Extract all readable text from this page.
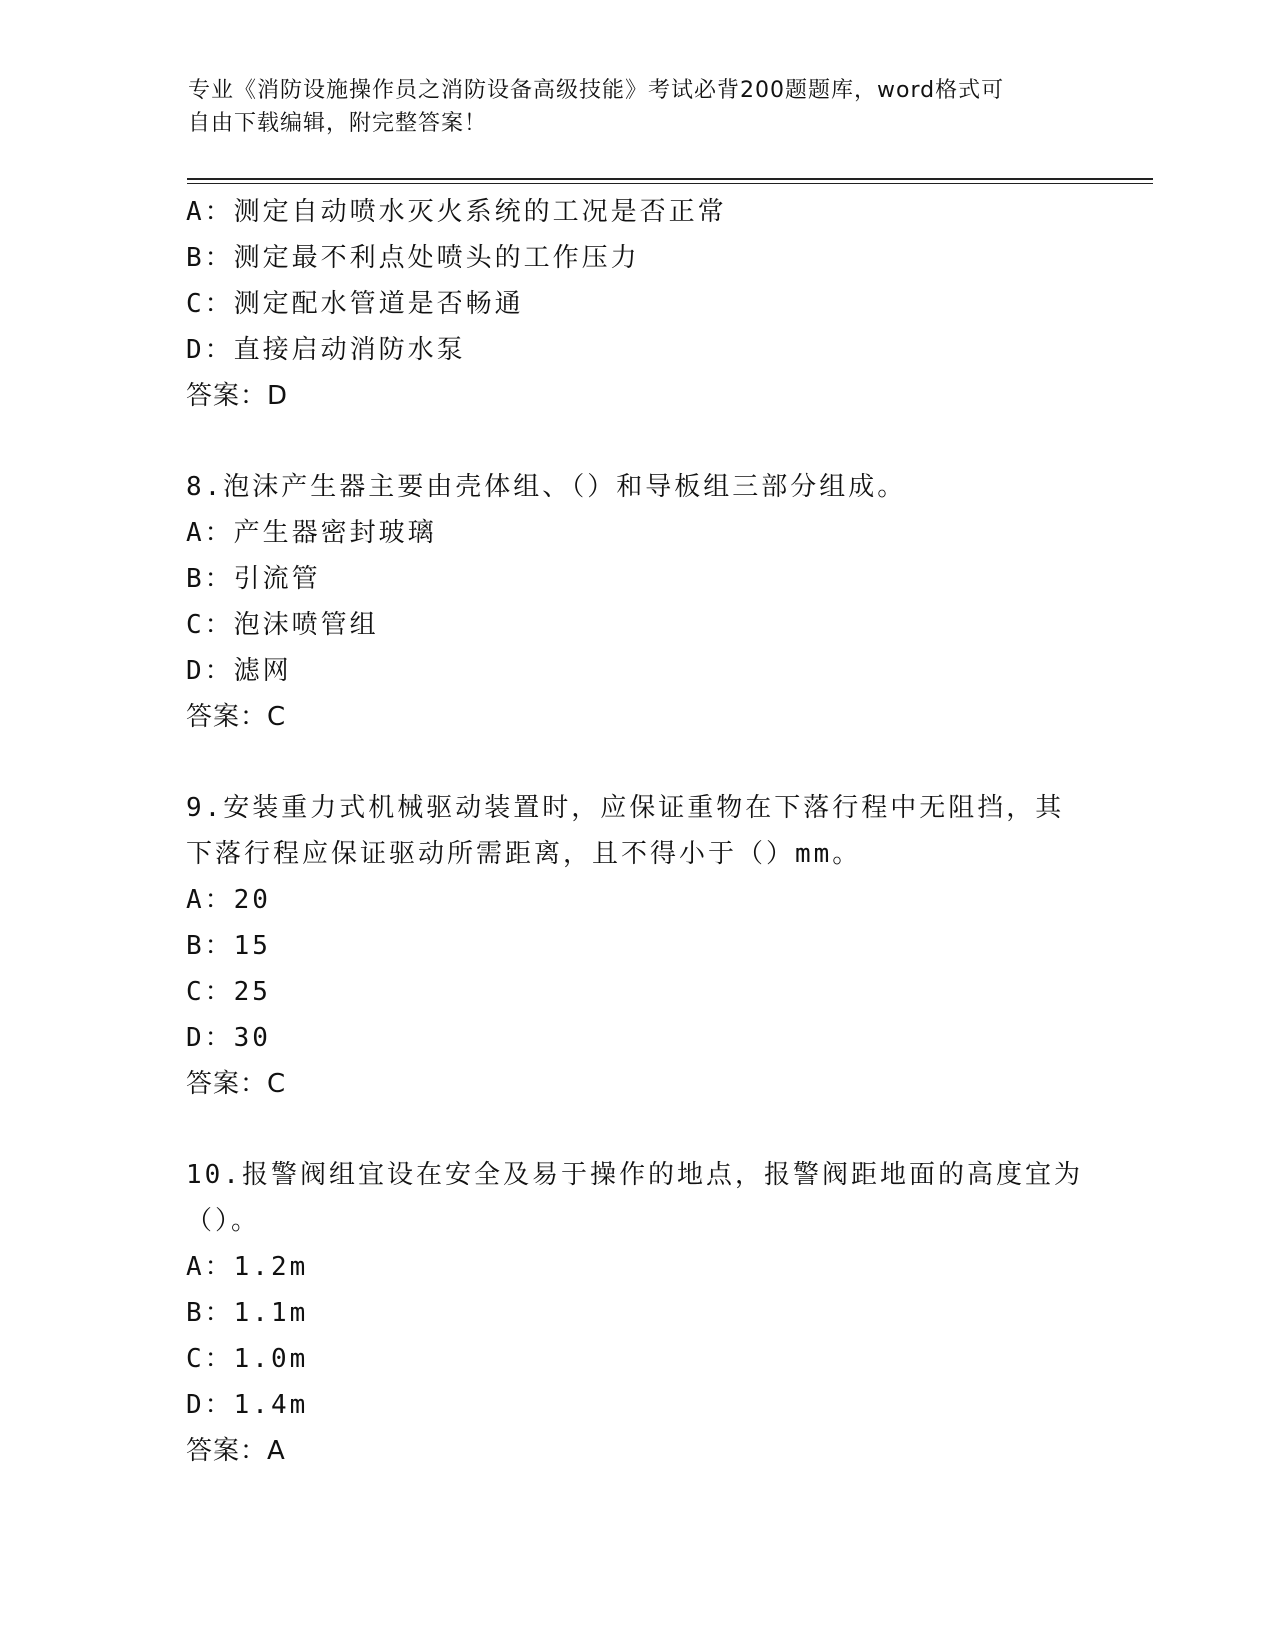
专业《消防设施操作员之消防设备高级技能》考试必背200题题库，word格式可
自由下载编辑，附完整答案！
A：测定自动喷水灭火系统的工况是否正常
B：测定最不利点处喷头的工作压力
C：测定配水管道是否畅通
D：直接启动消防水泵
答案：D
8.泡沫产生器主要由壳体组、（）和导板组三部分组成。
A：产生器密封玻璃
B：引流管
C：泡沫喷管组
D：滤网
答案：C
9.安装重力式机械驱动装置时，应保证重物在下落行程中无阻挡，其
下落行程应保证驱动所需距离，且不得小于（）mm。
A：20
B：15
C：25
D：30
答案：C
10.报警阀组宜设在安全及易于操作的地点，报警阀距地面的高度宜为
（）。
A：1.2m
B：1.1m
C：1.0m
D：1.4m
答案：A
